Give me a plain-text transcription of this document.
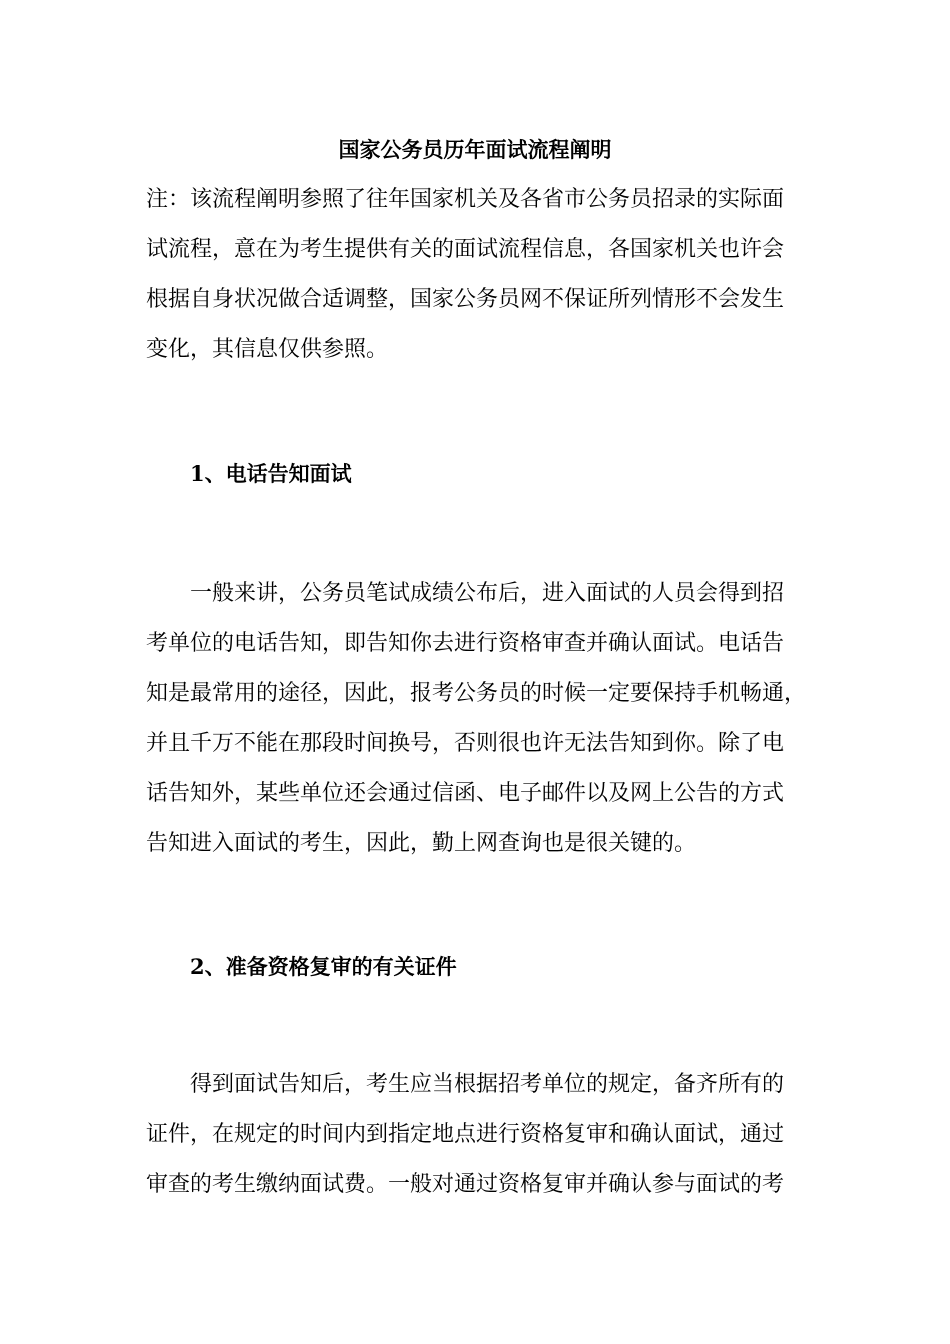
国家公务员历年面试流程阐明
注：该流程阐明参照了往年国家机关及各省市公务员招录的实际面
试流程，意在为考生提供有关的面试流程信息，各国家机关也许会
根据自身状况做合适调整，国家公务员网不保证所列情形不会发生
变化，其信息仅供参照。
1、电话告知面试
　　一般来讲，公务员笔试成绩公布后，进入面试的人员会得到招
考单位的电话告知，即告知你去进行资格审查并确认面试。电话告
知是最常用的途径，因此，报考公务员的时候一定要保持手机畅通，
并且千万不能在那段时间换号，否则很也许无法告知到你。除了电
话告知外，某些单位还会通过信函、电子邮件以及网上公告的方式
告知进入面试的考生，因此，勤上网查询也是很关键的。
2、准备资格复审的有关证件
　　得到面试告知后，考生应当根据招考单位的规定，备齐所有的
证件，在规定的时间内到指定地点进行资格复审和确认面试，通过
审查的考生缴纳面试费。一般对通过资格复审并确认参与面试的考
